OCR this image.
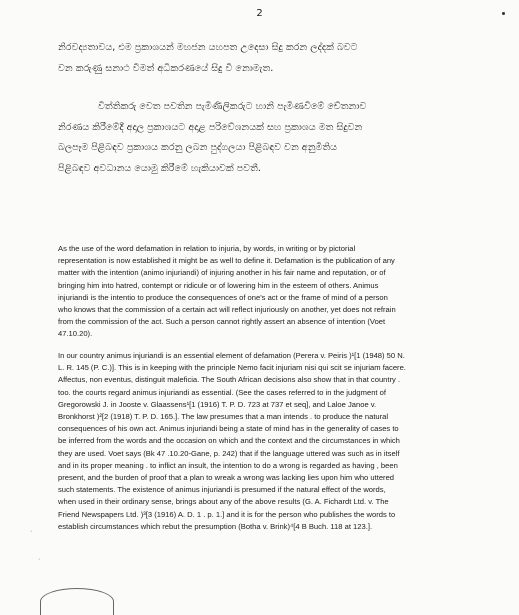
2
නිරවද්‍යතාවය, එම ප්‍රකාශයන් මහජන යහපත උදෙසා සිදු කරන ලද්දක් බවට
වන කරුණු සනාථ වීමත් අධිකරණයේ සිදු වී නොමැත.
විත්තිකරු වෙත පවතින පැමිණිලිකරුට හානි පැමිණවීමේ චේතනාව
නිරණය කිරීමේදී අදාල ප්‍රකාශයට අදාළ පරිවේශනයක් සහ ප්‍රකාශය මත සිදුවන
බලපෑම පිළිබඳව ප්‍රකාශය කරනු ලබන පුද්ගලයා පිළිබඳව වන අනුමිතිය
පිළිබඳව අවධානය යොමු කිරීමේ හැකියාවක් පවතී.
As the use of the word defamation in relation to injuria, by words, in writing or by pictorial
representation is now established it might be as well to define it. Defamation is the publication of any
matter with the intention (animo injuriandi) of injuring another in his fair name and reputation, or of
bringing him into hatred, contempt or ridicule or of lowering him in the esteem of others. Animus
injuriandi is the intentio to produce the consequences of one's act or the frame of mind of a person
who knows that the commission of a certain act will reflect injuriously on another, yet does not refrain
from the commission of the act. Such a person cannot rightly assert an absence of intention (Voet
47.10.20).
In our country animus injuriandi is an essential element of defamation (Perera v. Peiris )¹[1 (1948) 50 N.
L. R. 145 (P. C.)]. This is in keeping with the principle Nemo facit injuriam nisi qui scit se injuriam facere.
Affectus, non eventus, distinguit maleficia. The South African decisions also show that in that country .
too. the courts regard animus injuriandi as essential. (See the cases referred to in the judgment of
Gregorowski J. in Jooste v. Glaassens¹[1 (1916) T. P. D. 723 at 737 et seq], and Laloe Janoe v.
Bronkhorst )²[2 (1918) T. P. D. 165.]. The law presumes that a man intends . to produce the natural
consequences of his own act. Animus injuriandi being a state of mind has in the generality of cases to
be inferred from the words and the occasion on which and the context and the circumstances in which
they are used. Voet says (Bk 47 .10.20-Gane, p. 242) that if the language uttered was such as in itself
and in its proper meaning . to inflict an insult, the intention to do a wrong is regarded as having , been
present, and the burden of proof that a plan to wreak a wrong was lacking lies upon him who uttered
such statements. The existence of animus injuriandi is presumed if the natural effect of the words,
when used in their ordinary sense, brings about any of the above results (G. A. Fichardt Ltd. v. The
Friend Newspapers Ltd. )³[3 (1916) A. D. 1 . p. 1.] and it is for the person who publishes the words to
establish circumstances which rebut the presumption (Botha v. Brink)⁴[4 B Buch. 118 at 123.].
·
·
